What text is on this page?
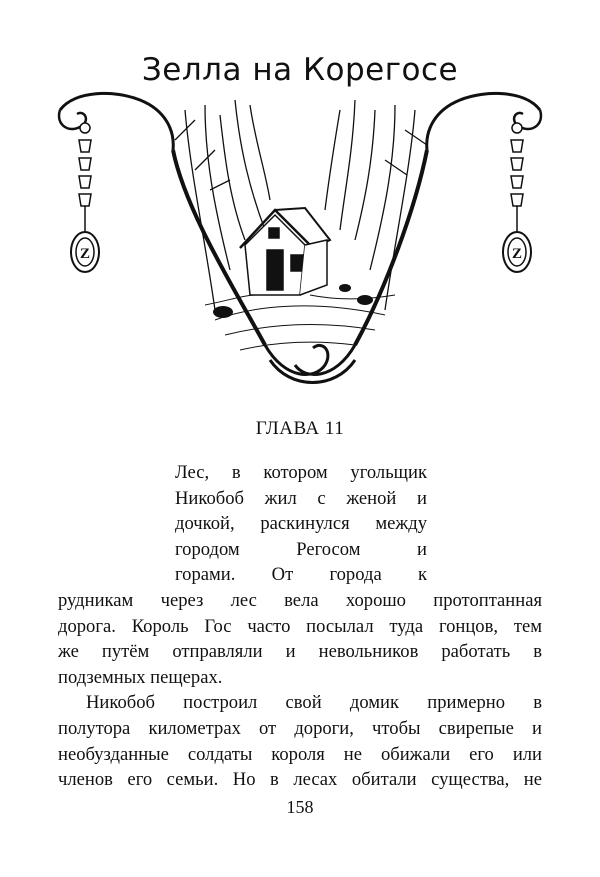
Зелла на Корегосе
Z	Z
ГЛАВА 11
Лес, в котором угольщик
Никобоб жил с женой и
дочкой, раскинулся между
городом Регосом и
горами. От города к
рудникам через лес вела хорошо протоптанная
дорога. Король Гос часто посылал туда гонцов, тем
же путём отправляли и невольников работать в
подземных пещерах.
Никобоб построил свой домик примерно в
полутора километрах от дороги, чтобы свирепые и
необузданные солдаты короля не обижали его или
членов его семьи. Но в лесах обитали существа, не
158
